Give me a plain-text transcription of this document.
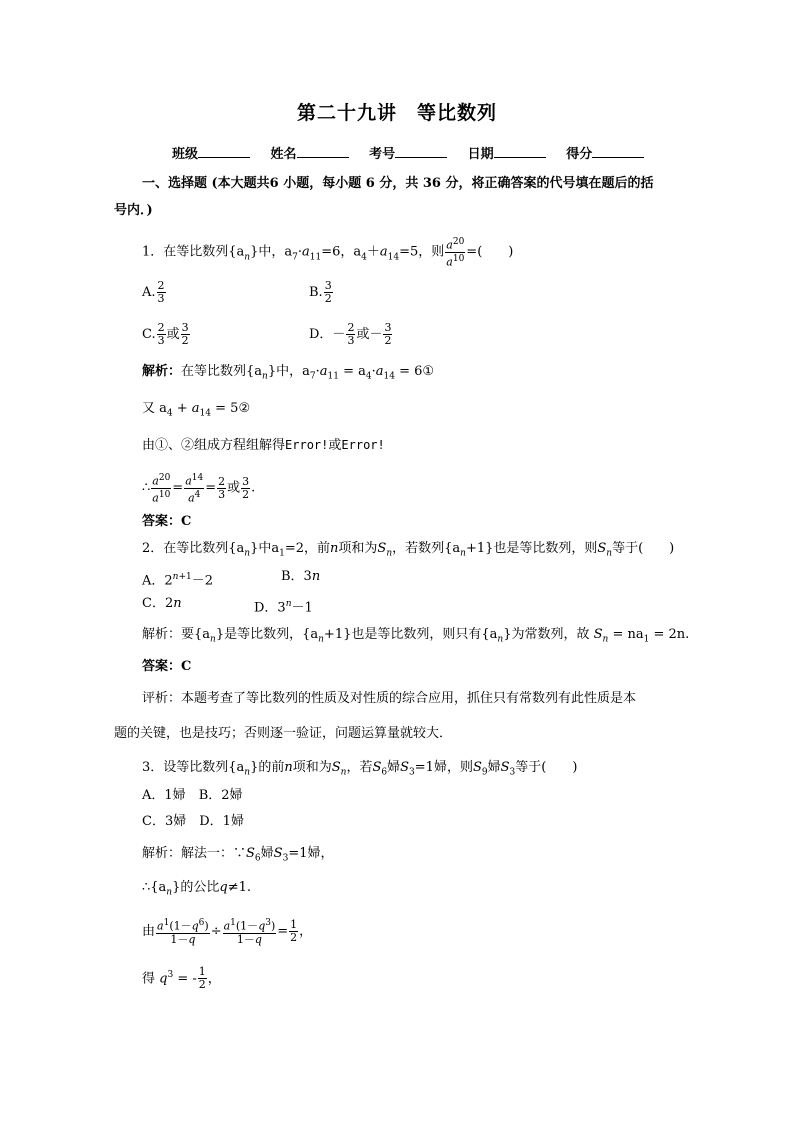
第二十九讲　等比数列
班级	姓名	考号	日期	得分
一、选择题 (本大题共6 小题，每小题 6 分，共 36 分，将正确答案的代号填在题后的括
号内．)
1．在等比数列$\{a_n\}$中，$a_7\cdot a_{11}=6$，$a_4+a_{14}=5$，则 $\frac{a^{20}}{a^{10}}$ =(　　)
A. $\frac{2}{3}$	B. $\frac{3}{2}$
C. $\frac{2}{3}$ 或 $\frac{3}{2}$	D．－ $\frac{2}{3}$ 或－ $\frac{3}{2}$
解析：在等比数列$\{a_n\}$中，$a_7\cdot a_{11} = a_4\cdot a_{14}$ = 6①
又 $a_4 + a_{14}$ = 5②
由①、②组成方程组解得Error!或Error!
∴ $\frac{a^{20}}{a^{10}} = \frac{a^{14}}{a^4} = \frac{2}{3}$ 或 $\frac{3}{2}$ .
答案：C
2．在等比数列$\{a_n\}$中$a_1=2$，前n项和为$S_n$，若数列$\{a_n+1\}$也是等比数列，则$S_n$等于(　　)
A．$2^{n+1}-2$	B．3n
C．2n	D．$3^n-1$
解析：要$\{a_n\}$是等比数列，$\{a_n+1\}$也是等比数列，则只有$\{a_n\}$为常数列，故 $S_n = na_1 = 2n$.
答案：C
评析：本题考查了等比数列的性质及对性质的综合应用，抓住只有常数列有此性质是本
题的关键，也是技巧；否则逐一验证，问题运算量就较大．
3．设等比数列$\{a_n\}$的前n项和为$S_n$，若$S_6$婦$S_3=1$婦，则$S_9$婦$S_3$等于(　　)
A．1婦　B．2婦
C．3婦　D．1婦
解析：解法一：$\because S_6$婦$S_3=1$婦，
$\therefore\{a_n\}$的公比q≠1.
由 $\frac{a^1(1-q^6)}{1-q} \div \frac{a^1(1-q^3)}{1-q} = \frac{1}{2}$ ，
得 $q^3$ = - $\frac{1}{2}$ ，
